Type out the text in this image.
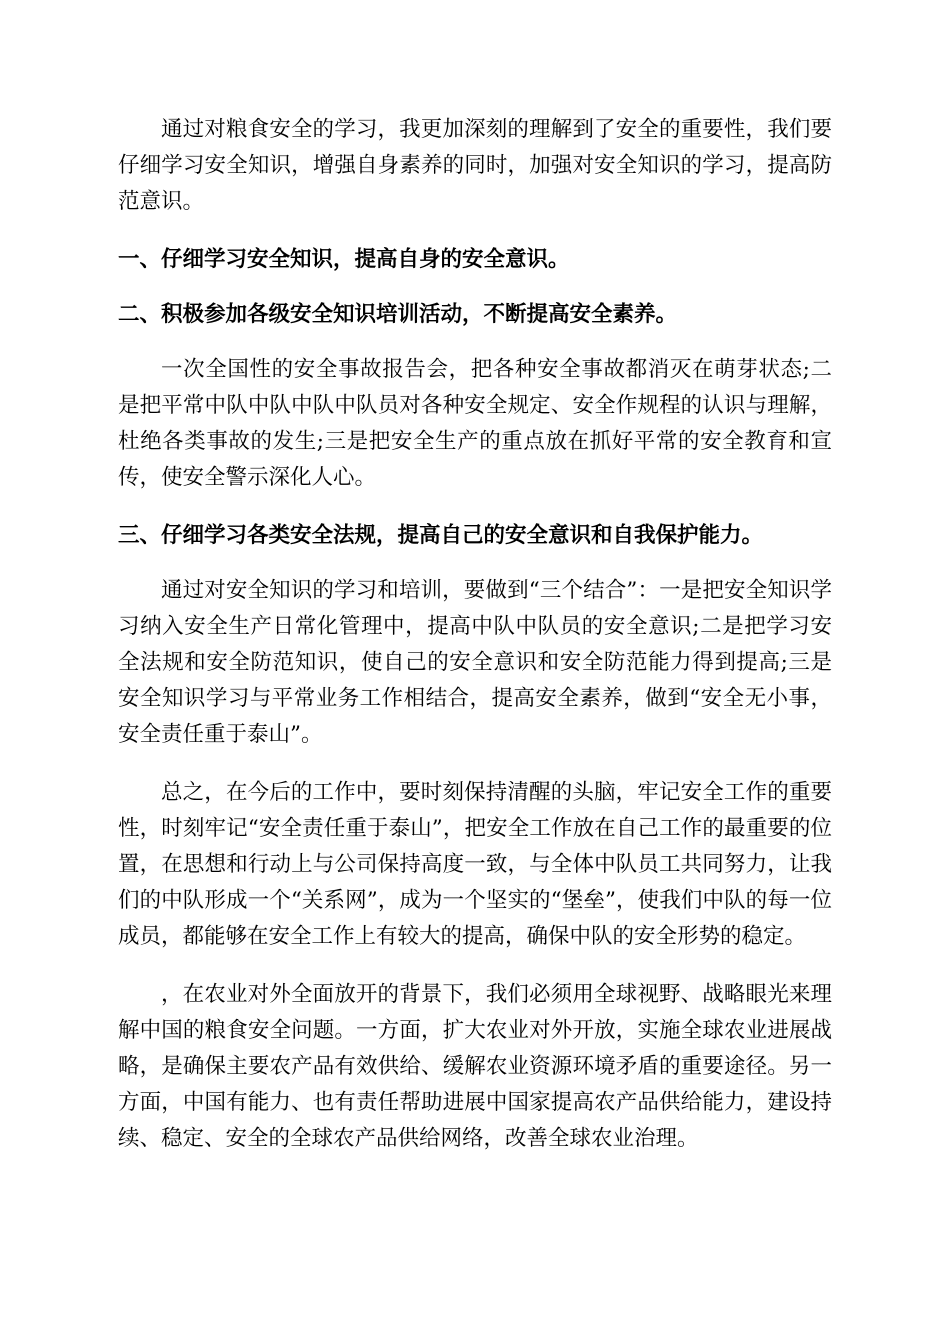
通过对粮食安全的学习，我更加深刻的理解到了安全的重要性，我们要仔细学习安全知识，增强自身素养的同时，加强对安全知识的学习，提高防范意识。

一、仔细学习安全知识，提高自身的安全意识。

二、积极参加各级安全知识培训活动，不断提高安全素养。

一次全国性的安全事故报告会，把各种安全事故都消灭在萌芽状态;二是把平常中队中队中队中队员对各种安全规定、安全作规程的认识与理解，杜绝各类事故的发生;三是把安全生产的重点放在抓好平常的安全教育和宣传，使安全警示深化人心。

三、仔细学习各类安全法规，提高自己的安全意识和自我保护能力。

通过对安全知识的学习和培训，要做到“三个结合”：一是把安全知识学习纳入安全生产日常化管理中，提高中队中队员的安全意识;二是把学习安全法规和安全防范知识，使自己的安全意识和安全防范能力得到提高;三是安全知识学习与平常业务工作相结合，提高安全素养，做到“安全无小事，安全责任重于泰山”。

总之，在今后的工作中，要时刻保持清醒的头脑，牢记安全工作的重要性，时刻牢记“安全责任重于泰山”，把安全工作放在自己工作的最重要的位置，在思想和行动上与公司保持高度一致，与全体中队员工共同努力，让我们的中队形成一个“关系网”，成为一个坚实的“堡垒”，使我们中队的每一位成员，都能够在安全工作上有较大的提高，确保中队的安全形势的稳定。

，在农业对外全面放开的背景下，我们必须用全球视野、战略眼光来理解中国的粮食安全问题。一方面，扩大农业对外开放，实施全球农业进展战略，是确保主要农产品有效供给、缓解农业资源环境矛盾的重要途径。另一方面，中国有能力、也有责任帮助进展中国家提高农产品供给能力，建设持续、稳定、安全的全球农产品供给网络，改善全球农业治理。
